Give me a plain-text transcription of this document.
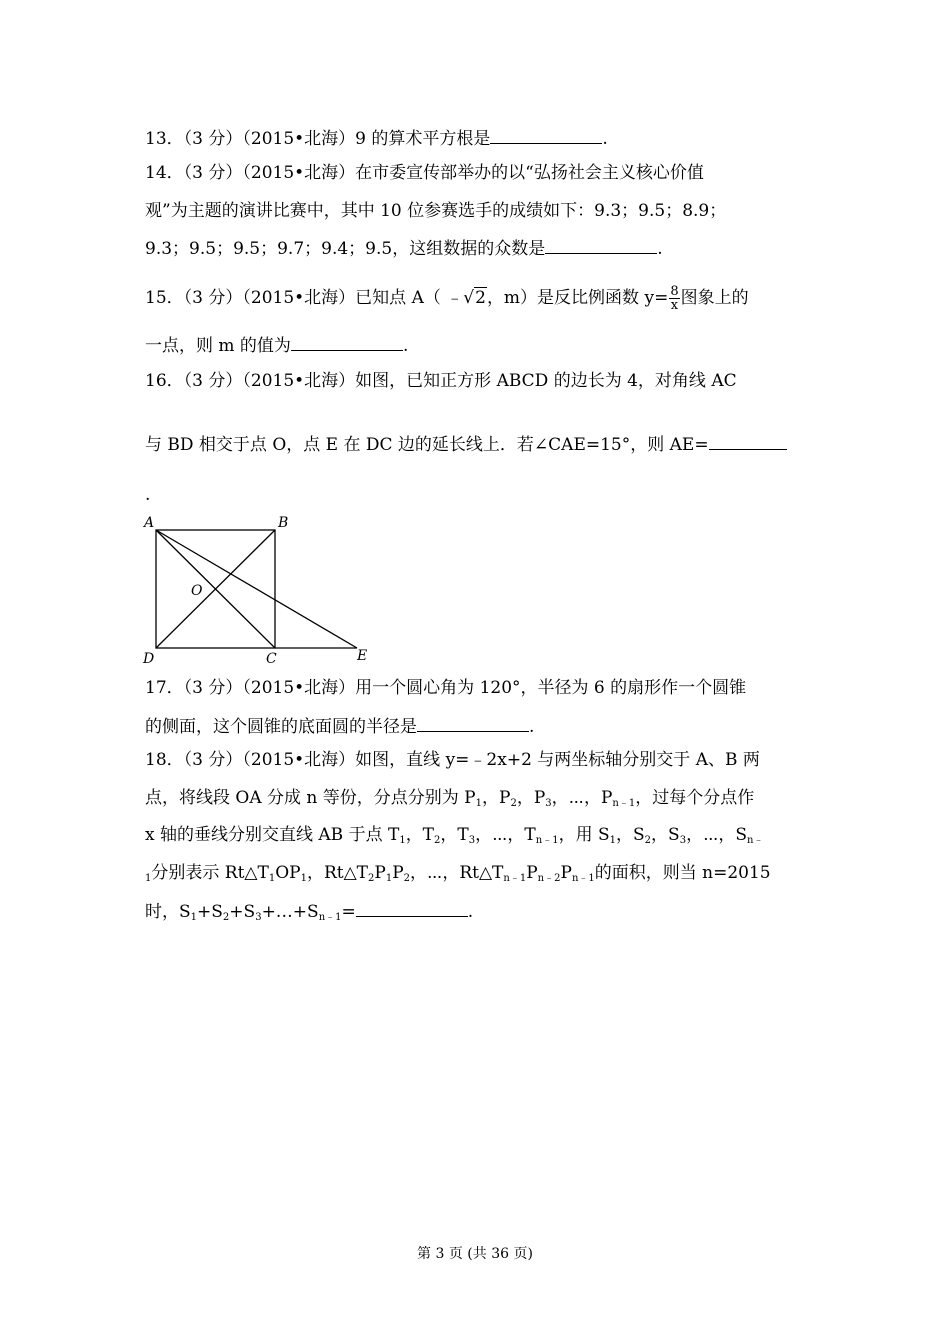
13．（3 分）（2015•北海）9 的算术平方根是	.
14．（3 分）（2015•北海）在市委宣传部举办的以“弘扬社会主义核心价值
观”为主题的演讲比赛中，其中 10 位参赛选手的成绩如下：9.3；9.5；8.9；
9.3；9.5；9.5；9.7；9.4；9.5，这组数据的众数是	.
15．（3 分）（2015•北海）已知点 A（ ﹣√2，m）是反比例函数 $y= \frac{8}{x}$ 图象上的
一点，则 m 的值为	.
16．（3 分）（2015•北海）如图，已知正方形 ABCD 的边长为 4，对角线 AC
与 BD 相交于点 O，点 E 在 DC 边的延长线上．若∠CAE=15°，则 AE=
.
A	B
C
D	E
O
17．（3 分）（2015•北海）用一个圆心角为 120°，半径为 6 的扇形作一个圆锥
的侧面，这个圆锥的底面圆的半径是	.
18．（3 分）（2015•北海）如图，直线 y=﹣2x+2 与两坐标轴分别交于 A、B 两
点，将线段 OA 分成 n 等份，分点分别为 $P_1$，$P_2$，$P_3$，⋯，$P_{n﹣1}$，过每个分点作
x 轴的垂线分别交直线 AB 于点 $T_1$，$T_2$，$T_3$，⋯，$T_{n﹣1}$，用 $S_1$，$S_2$，$S_3$，⋯，$S_{n﹣}$
$_1$分别表示 $Rt\triangle T_1OP_1$，$Rt\triangle T_2P_1P_2$，⋯，$Rt\triangle T_{n﹣1}P_{n﹣2}P_{n﹣1}$的面积，则当 n=2015
时，$S_1+S_2+S_3+\dots+S_{n﹣1}=$	.
第 3 页 (共 36 页)
